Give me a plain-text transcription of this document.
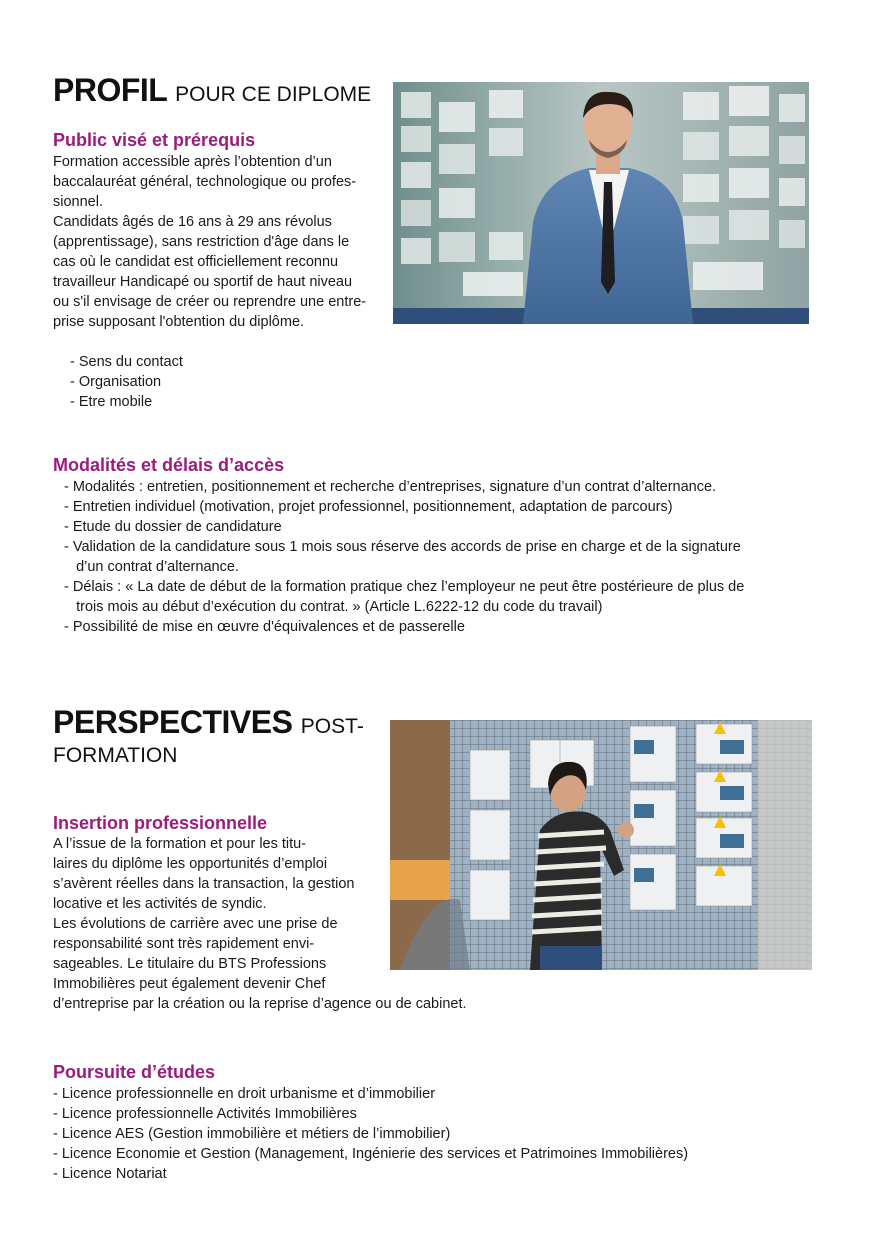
PROFIL POUR CE DIPLOME
Public visé et prérequis
Formation accessible après l’obtention d’un
baccalauréat général, technologique ou profes-
sionnel.
Candidats âgés de 16 ans à 29 ans révolus
(apprentissage), sans restriction d'âge dans le
cas où le candidat est officiellement reconnu
travailleur Handicapé ou sportif de haut niveau
ou s'il envisage de créer ou reprendre une entre-
prise supposant l'obtention du diplôme.
- Sens du contact
- Organisation
- Etre mobile
Modalités et délais d’accès
- Modalités : entretien, positionnement et recherche d’entreprises, signature d’un contrat d’alternance.
- Entretien individuel (motivation, projet professionnel, positionnement, adaptation de parcours)
- Etude du dossier de candidature
- Validation de la candidature sous 1 mois sous réserve des accords de prise en charge et de la signature
d’un contrat d’alternance.
- Délais : « La date de début de la formation pratique chez l’employeur ne peut être postérieure de plus de
trois mois au début d’exécution du contrat. » (Article L.6222-12 du code du travail)
- Possibilité de mise en œuvre d'équivalences et de passerelle
PERSPECTIVES POST-
FORMATION
Insertion professionnelle
A l’issue de la formation et pour les titu-
laires du diplôme les opportunités d’emploi
s’avèrent réelles dans la transaction, la gestion
locative et les activités de syndic.
Les évolutions de carrière avec une prise de
responsabilité sont très rapidement envi-
sageables. Le titulaire du BTS Professions
Immobilières peut également devenir Chef
d’entreprise par la création ou la reprise d’agence ou de cabinet.
Poursuite d’études
- Licence professionnelle en droit urbanisme et d’immobilier
- Licence professionnelle Activités Immobilières
- Licence AES (Gestion immobilière et métiers de l’immobilier)
- Licence Economie et Gestion (Management, Ingénierie des services et Patrimoines Immobilières)
- Licence Notariat
